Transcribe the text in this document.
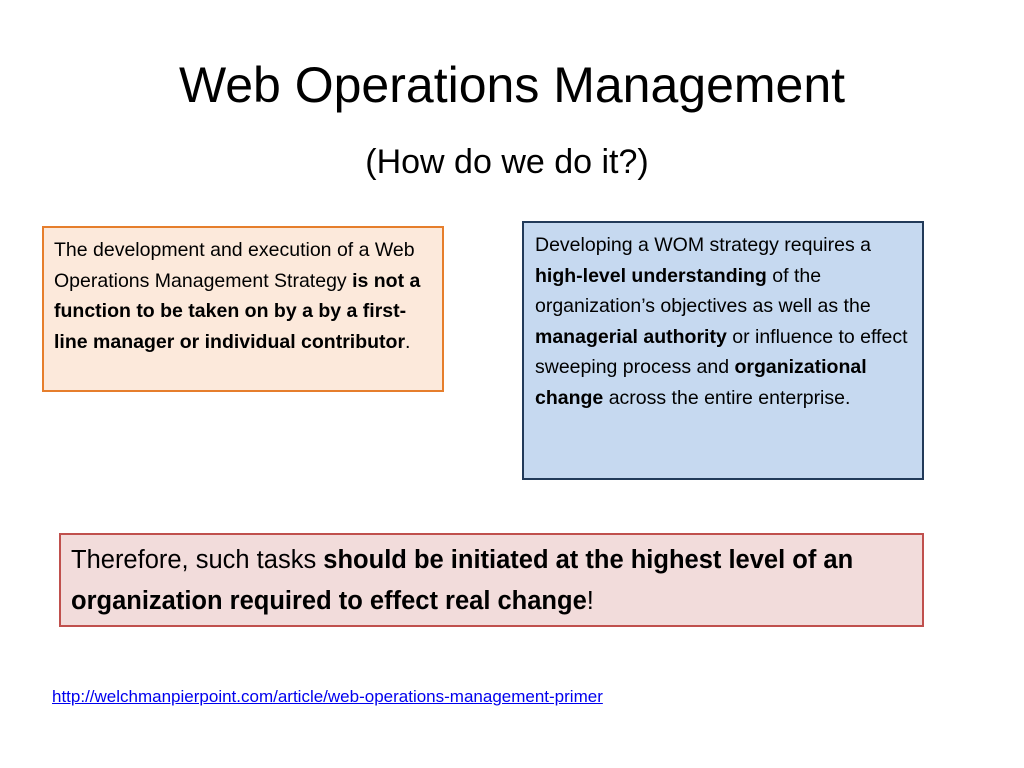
Web Operations Management
(How do we do it?)
The development and execution of a Web Operations Management Strategy is not a function to be taken on by a by a first-line manager or individual contributor.
Developing a WOM strategy requires a high-level understanding of the organization’s objectives as well as the managerial authority or influence to effect sweeping process and organizational change across the entire enterprise.
Therefore, such tasks should be initiated at the highest level of an organization required to effect real change!
http://welchmanpierpoint.com/article/web-operations-management-primer
